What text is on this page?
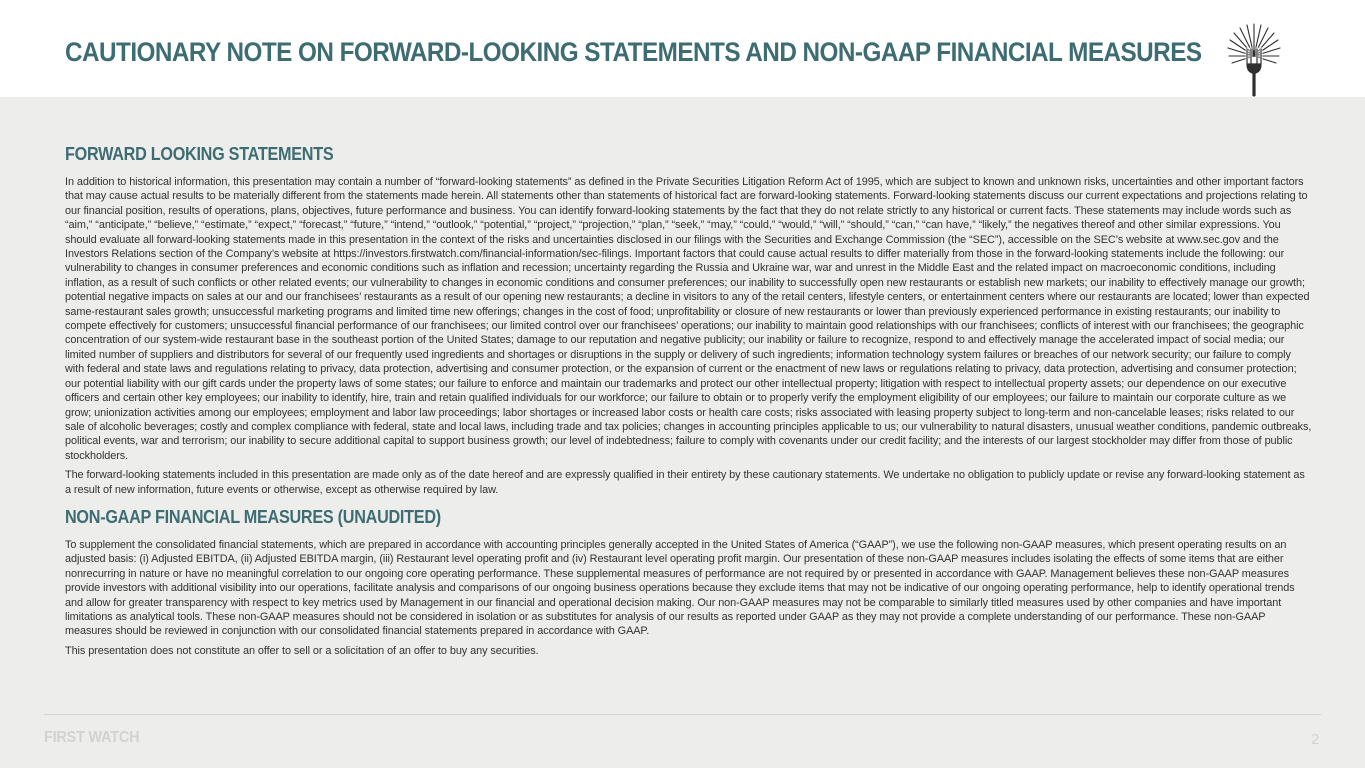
CAUTIONARY NOTE ON FORWARD-LOOKING STATEMENTS AND NON-GAAP FINANCIAL MEASURES
FORWARD LOOKING STATEMENTS

In addition to historical information, this presentation may contain a number of “forward-looking statements” as defined in the Private Securities Litigation Reform Act of 1995, which are subject to known and unknown risks, uncertainties and other important factors that may cause actual results to be materially different from the statements made herein. All statements other than statements of historical fact are forward-looking statements. Forward-looking statements discuss our current expectations and projections relating to our financial position, results of operations, plans, objectives, future performance and business. You can identify forward-looking statements by the fact that they do not relate strictly to any historical or current facts. These statements may include words such as “aim,” “anticipate,” “believe,” “estimate,” “expect,” “forecast,” “future,” “intend,” “outlook,” “potential,” “project,” “projection,” “plan,” “seek,” “may,” “could,” “would,” “will,” “should,” “can,” “can have,” “likely,” the negatives thereof and other similar expressions. You should evaluate all forward-looking statements made in this presentation in the context of the risks and uncertainties disclosed in our filings with the Securities and Exchange Commission (the “SEC”), accessible on the SEC’s website at www.sec.gov and the Investors Relations section of the Company’s website at https://investors.firstwatch.com/financial-information/sec-filings. Important factors that could cause actual results to differ materially from those in the forward-looking statements include the following: our vulnerability to changes in consumer preferences and economic conditions such as inflation and recession; uncertainty regarding the Russia and Ukraine war, war and unrest in the Middle East and the related impact on macroeconomic conditions, including inflation, as a result of such conflicts or other related events; our vulnerability to changes in economic conditions and consumer preferences; our inability to successfully open new restaurants or establish new markets; our inability to effectively manage our growth; potential negative impacts on sales at our and our franchisees’ restaurants as a result of our opening new restaurants; a decline in visitors to any of the retail centers, lifestyle centers, or entertainment centers where our restaurants are located; lower than expected same-restaurant sales growth; unsuccessful marketing programs and limited time new offerings; changes in the cost of food; unprofitability or closure of new restaurants or lower than previously experienced performance in existing restaurants; our inability to compete effectively for customers; unsuccessful financial performance of our franchisees; our limited control over our franchisees’ operations; our inability to maintain good relationships with our franchisees; conflicts of interest with our franchisees; the geographic concentration of our system-wide restaurant base in the southeast portion of the United States; damage to our reputation and negative publicity; our inability or failure to recognize, respond to and effectively manage the accelerated impact of social media; our limited number of suppliers and distributors for several of our frequently used ingredients and shortages or disruptions in the supply or delivery of such ingredients; information technology system failures or breaches of our network security; our failure to comply with federal and state laws and regulations relating to privacy, data protection, advertising and consumer protection, or the expansion of current or the enactment of new laws or regulations relating to privacy, data protection, advertising and consumer protection; our potential liability with our gift cards under the property laws of some states; our failure to enforce and maintain our trademarks and protect our other intellectual property; litigation with respect to intellectual property assets; our dependence on our executive officers and certain other key employees; our inability to identify, hire, train and retain qualified individuals for our workforce; our failure to obtain or to properly verify the employment eligibility of our employees; our failure to maintain our corporate culture as we grow; unionization activities among our employees; employment and labor law proceedings; labor shortages or increased labor costs or health care costs; risks associated with leasing property subject to long-term and non-cancelable leases; risks related to our sale of alcoholic beverages; costly and complex compliance with federal, state and local laws, including trade and tax policies; changes in accounting principles applicable to us; our vulnerability to natural disasters, unusual weather conditions, pandemic outbreaks, political events, war and terrorism; our inability to secure additional capital to support business growth; our level of indebtedness; failure to comply with covenants under our credit facility; and the interests of our largest stockholder may differ from those of public stockholders.

The forward-looking statements included in this presentation are made only as of the date hereof and are expressly qualified in their entirety by these cautionary statements. We undertake no obligation to publicly update or revise any forward-looking statement as a result of new information, future events or otherwise, except as otherwise required by law.

NON-GAAP FINANCIAL MEASURES (UNAUDITED)

To supplement the consolidated financial statements, which are prepared in accordance with accounting principles generally accepted in the United States of America (“GAAP”), we use the following non-GAAP measures, which present operating results on an adjusted basis: (i) Adjusted EBITDA, (ii) Adjusted EBITDA margin, (iii) Restaurant level operating profit and (iv) Restaurant level operating profit margin. Our presentation of these non-GAAP measures includes isolating the effects of some items that are either nonrecurring in nature or have no meaningful correlation to our ongoing core operating performance. These supplemental measures of performance are not required by or presented in accordance with GAAP. Management believes these non-GAAP measures provide investors with additional visibility into our operations, facilitate analysis and comparisons of our ongoing business operations because they exclude items that may not be indicative of our ongoing operating performance, help to identify operational trends and allow for greater transparency with respect to key metrics used by Management in our financial and operational decision making. Our non-GAAP measures may not be comparable to similarly titled measures used by other companies and have important limitations as analytical tools. These non-GAAP measures should not be considered in isolation or as substitutes for analysis of our results as reported under GAAP as they may not provide a complete understanding of our performance. These non-GAAP measures should be reviewed in conjunction with our consolidated financial statements prepared in accordance with GAAP.

This presentation does not constitute an offer to sell or a solicitation of an offer to buy any securities.

FIRST WATCH	2
